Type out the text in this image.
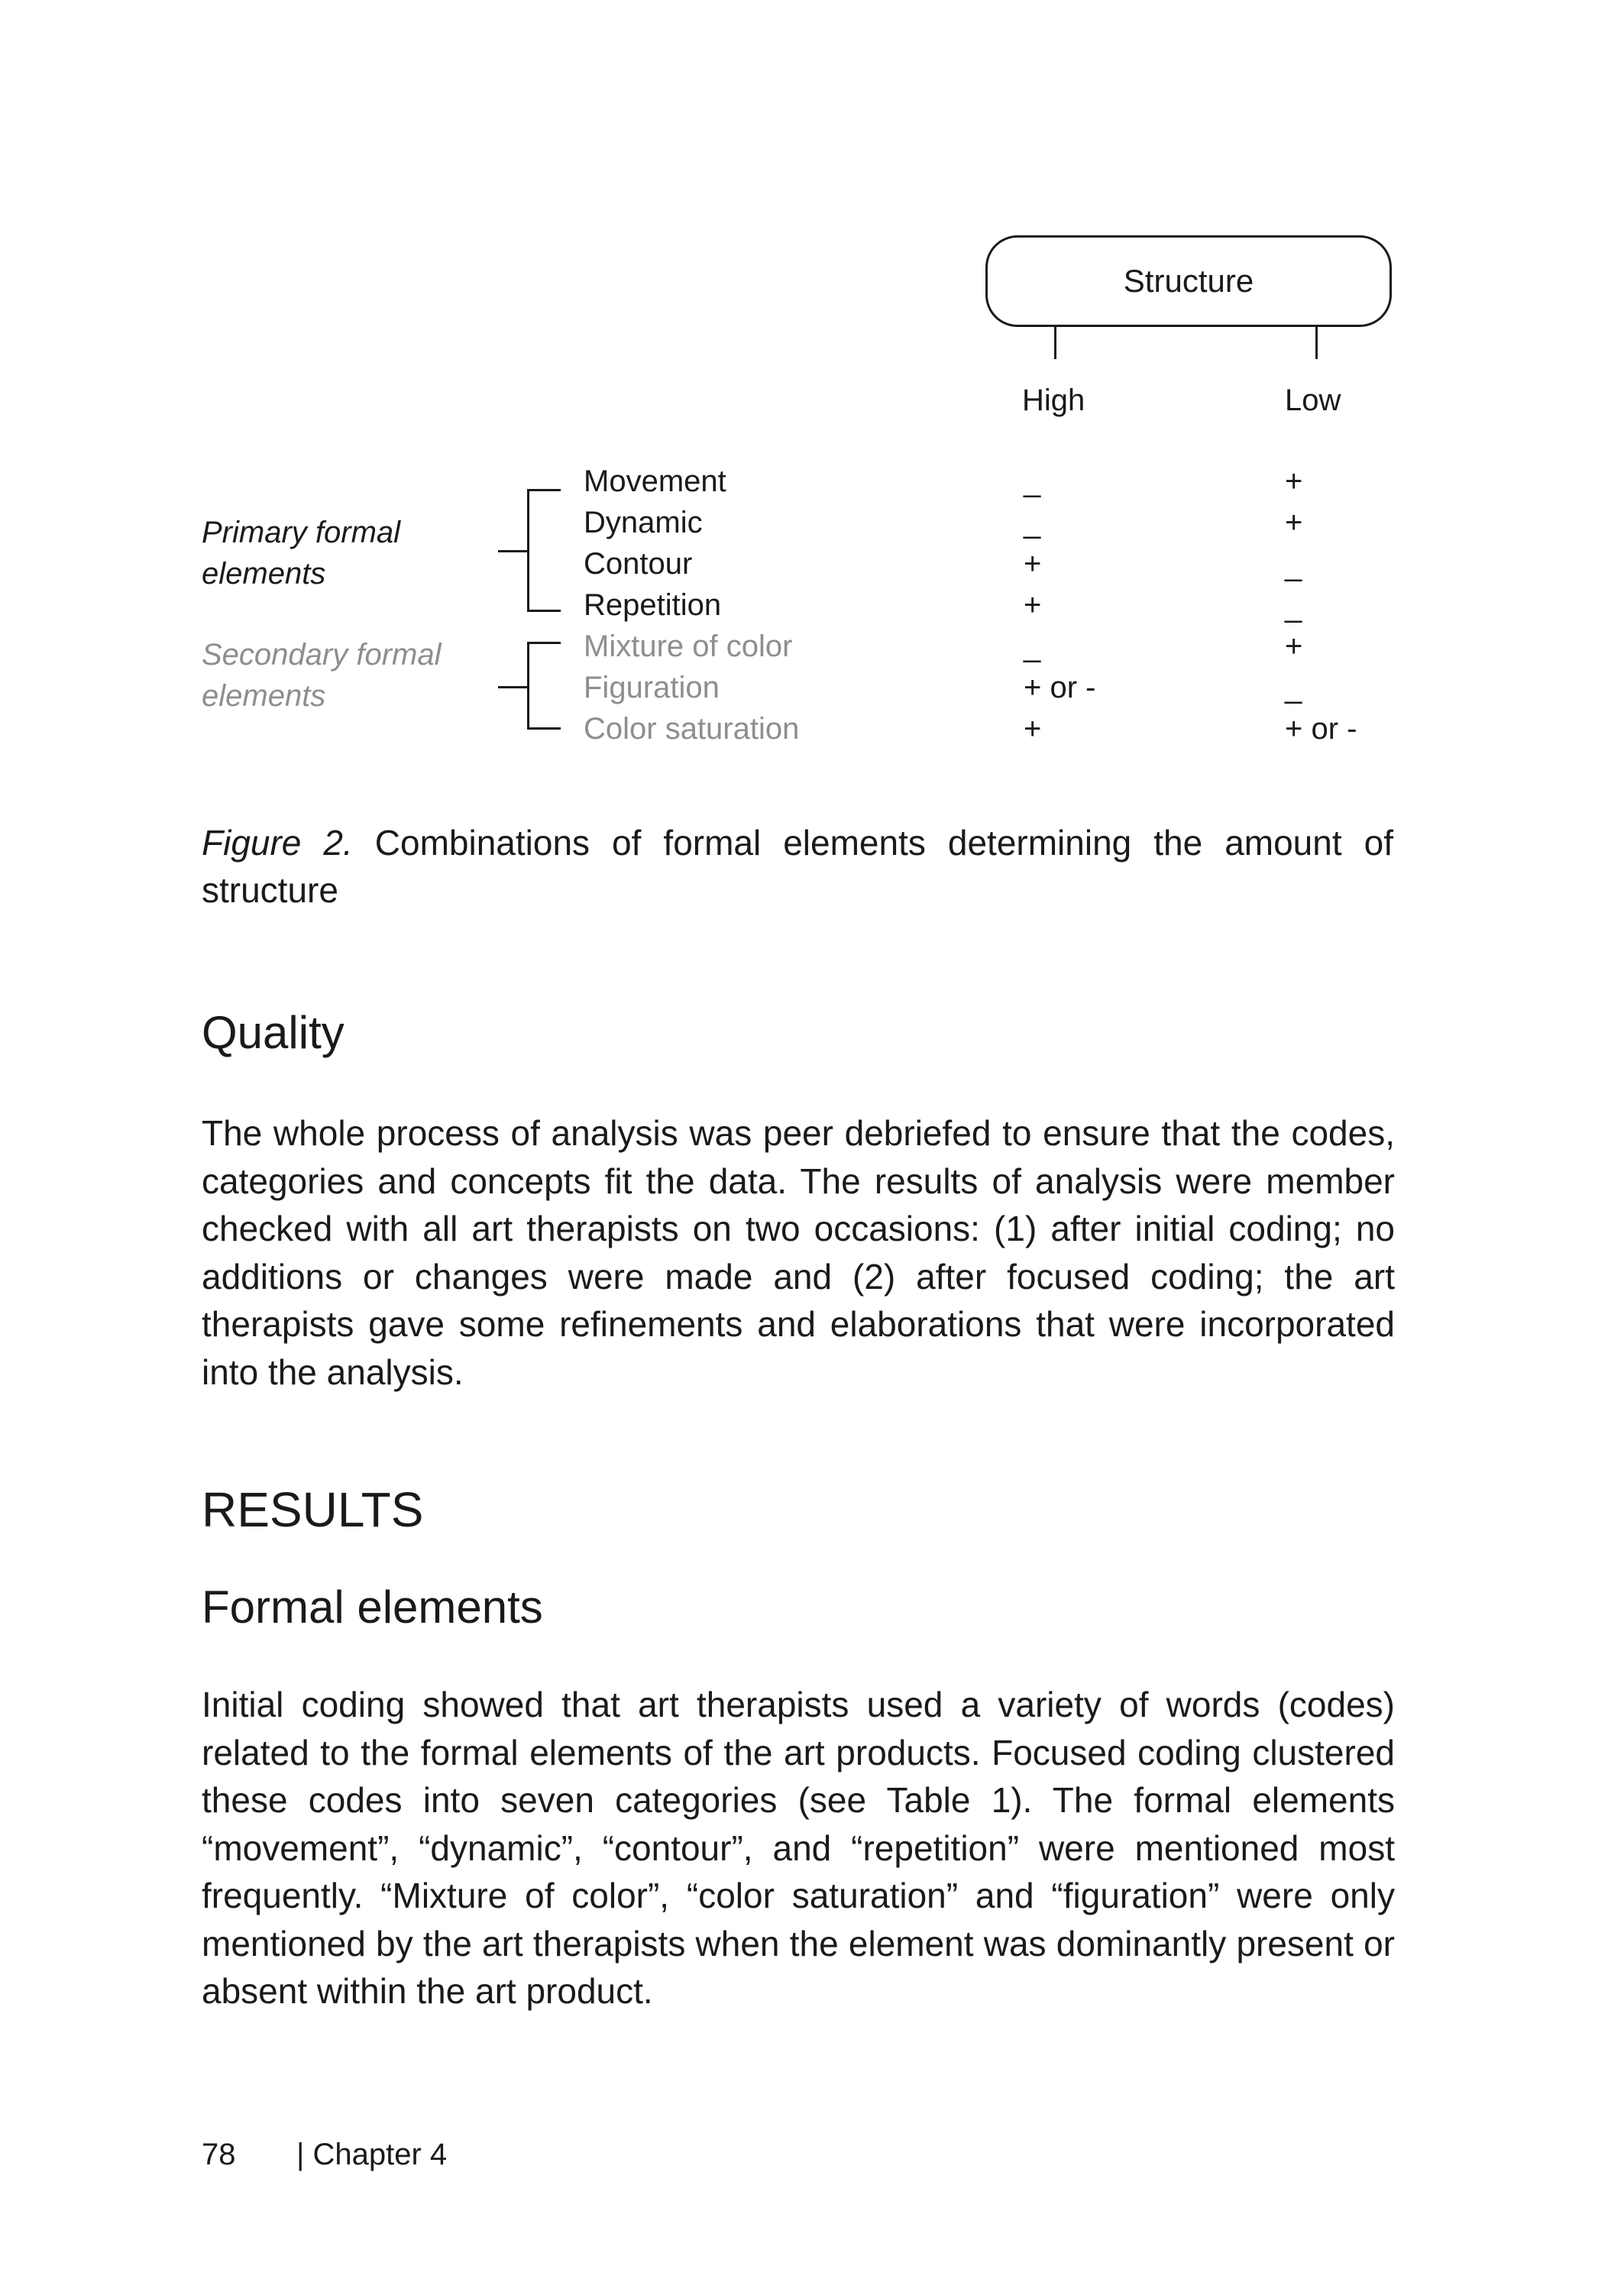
Structure
High	Low
Primary formal elements
Secondary formal elements
Movement	_	+
Dynamic	_	+
Contour	+	_
Repetition	+	_
Mixture of color	_	+
Figuration	+ or -	_
Color saturation	+	+ or -
Figure 2. Combinations of formal elements determining the amount of structure
Quality
The whole process of analysis was peer debriefed to ensure that the codes, categories and concepts fit the data. The results of analysis were member checked with all art therapists on two occasions: (1) after initial coding; no additions or changes were made and (2) after focused coding; the art therapists gave some refinements and elaborations that were incorporated into the analysis.
RESULTS
Formal elements
Initial coding showed that art therapists used a variety of words (codes) related to the formal elements of the art products. Focused coding clustered these codes into seven categories (see Table 1). The formal elements “movement”, “dynamic”, “contour”, and “repetition” were mentioned most frequently. “Mixture of color”, “color saturation” and “figuration” were only mentioned by the art therapists when the element was dominantly present or absent within the art product.
78 | Chapter 4
